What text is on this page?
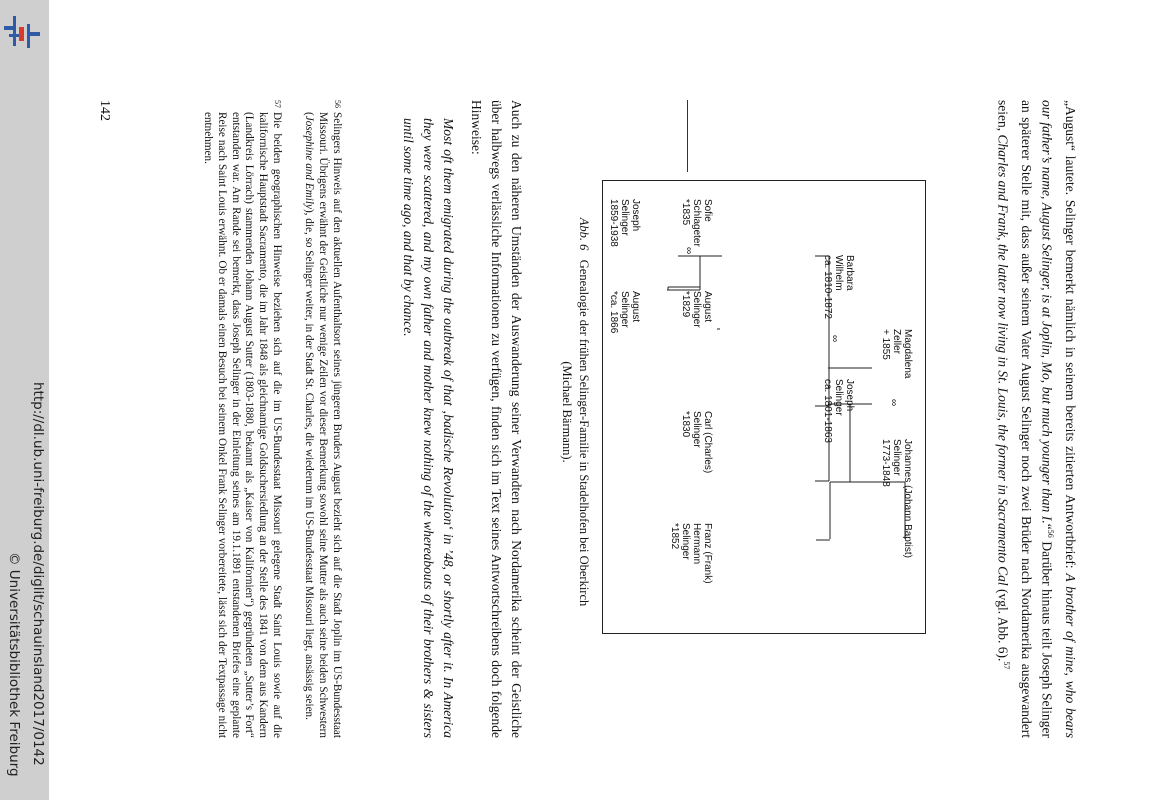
http://dl.ub.uni-freiburg.de/diglit/schauinsland2017/0142
© Universitätsbibliothek Freiburg
„August“ lautete. Selinger bemerkt nämlich in seinem bereits zitierten Antwortbrief: A brother of mine, who bears our father’s name, August Selinger, is at Joplin, Mo, but much younger than I.“$^{56}$ Darüber hinaus teilt Joseph Selinger an späterer Stelle mit, dass außer seinem Vater August Selinger noch zwei Brüder nach Nordamerika ausgewandert seien, Charles and Frank, the latter now living in St. Louis, the former in Sacramento Cal (vgl. Abb. 6).$^{57}$
Magdalena
Zeller
+ 1855
∞
Johannes (Johann Baptist)
Selinger
1773-1848
Barbara
Wilhelm
ca. 1810-1872
∞
Joseph
Selinger
ca. 1801-1863
Sofie
Schlageter
*1835
∞
August
Selinger
*1829
Carl (Charles)
Selinger
*1830
Franz (Frank)
Hermann
Selinger
*1852
Joseph
Selinger
1859-1938
August
Selinger
*ca. 1866
Abb. 6   Genealogie der frühen Selinger-Familie in Stadelhofen bei Oberkirch (Michael Bärmann).
Auch zu den näheren Umständen der Auswanderung seiner Verwandten nach Nordamerika scheint der Geistliche über halbwegs verlässliche Informationen zu verfügen, finden sich im Text seines Antwortschreibens doch folgende Hinweise:
Most oft them emigrated during the outbreak of that ‚badische Revolution‘ in ’48, or shortly after it. In America they were scattered, and my own father and mother knew nothing of the whereabouts of their brothers & sisters until some time ago, and that by chance.
56
Selingers Hinweis auf den aktuellen Aufenthaltsort seines jüngeren Bruders August bezieht sich auf die Stadt Joplin im US-Bundesstaat Missouri. Übrigens erwähnt der Geistliche nur wenige Zeilen vor dieser Bemerkung sowohl seine Mutter als auch seine beiden Schwestern (Josephine and Emily), die, so Selinger weiter, in der Stadt St. Charles, die wiederum im US-Bundesstaat Missouri liegt, ansässig seien.
57
Die beiden geographischen Hinweise beziehen sich auf die im US-Bundesstaat Missouri gelegene Stadt Saint Louis sowie auf die kalifornische Hauptstadt Sacramento, die im Jahr 1848 als gleichnamige Goldsuchersiedlung an der Stelle des 1841 von dem aus Kandern (Landkreis Lörrach) stammenden Johann August Sutter (1803-1880, bekannt als „Kaiser von Kalifornien“) gegründeten „Sutter’s Fort“ entstanden war. Am Rande sei bemerkt, dass Joseph Selinger in der Einleitung seines am 19.1.1891 entstandenen Briefes eine geplante Reise nach Saint Louis erwähnt. Ob er damals einen Besuch bei seinem Onkel Frank Selinger vorbereitete, lässt sich der Textpassage nicht entnehmen.
142
